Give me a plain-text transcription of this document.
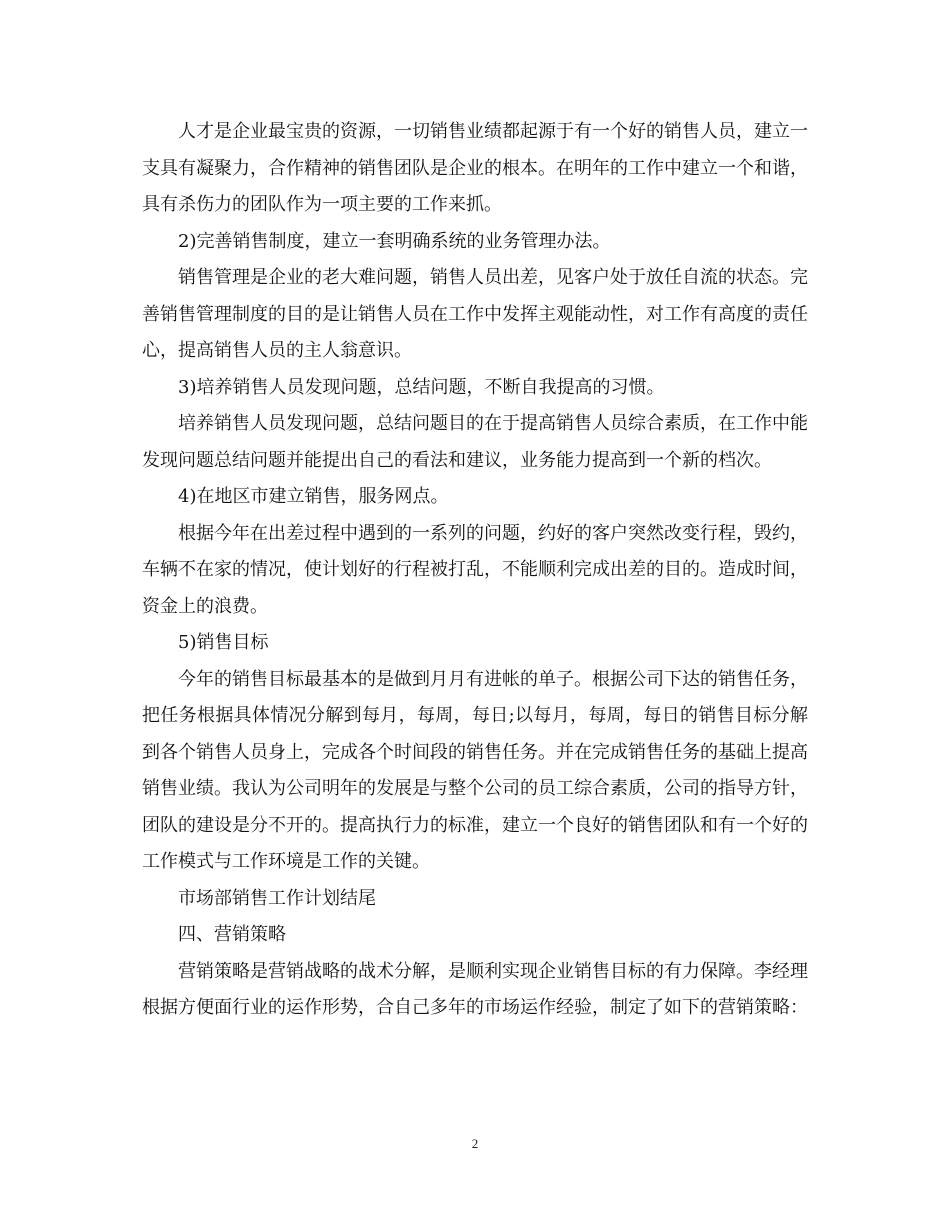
人才是企业最宝贵的资源，一切销售业绩都起源于有一个好的销售人员，建立一支具有凝聚力，合作精神的销售团队是企业的根本。在明年的工作中建立一个和谐，具有杀伤力的团队作为一项主要的工作来抓。

2)完善销售制度，建立一套明确系统的业务管理办法。

销售管理是企业的老大难问题，销售人员出差，见客户处于放任自流的状态。完善销售管理制度的目的是让销售人员在工作中发挥主观能动性，对工作有高度的责任心，提高销售人员的主人翁意识。

3)培养销售人员发现问题，总结问题，不断自我提高的习惯。

培养销售人员发现问题，总结问题目的在于提高销售人员综合素质，在工作中能发现问题总结问题并能提出自己的看法和建议，业务能力提高到一个新的档次。

4)在地区市建立销售，服务网点。

根据今年在出差过程中遇到的一系列的问题，约好的客户突然改变行程，毁约，车辆不在家的情况，使计划好的行程被打乱，不能顺利完成出差的目的。造成时间，资金上的浪费。

5)销售目标

今年的销售目标最基本的是做到月月有进帐的单子。根据公司下达的销售任务，把任务根据具体情况分解到每月，每周，每日;以每月，每周，每日的销售目标分解到各个销售人员身上，完成各个时间段的销售任务。并在完成销售任务的基础上提高销售业绩。我认为公司明年的发展是与整个公司的员工综合素质，公司的指导方针，团队的建设是分不开的。提高执行力的标准，建立一个良好的销售团队和有一个好的工作模式与工作环境是工作的关键。

市场部销售工作计划结尾

四、营销策略

营销策略是营销战略的战术分解，是顺利实现企业销售目标的有力保障。李经理根据方便面行业的运作形势，合自己多年的市场运作经验，制定了如下的营销策略：

2
